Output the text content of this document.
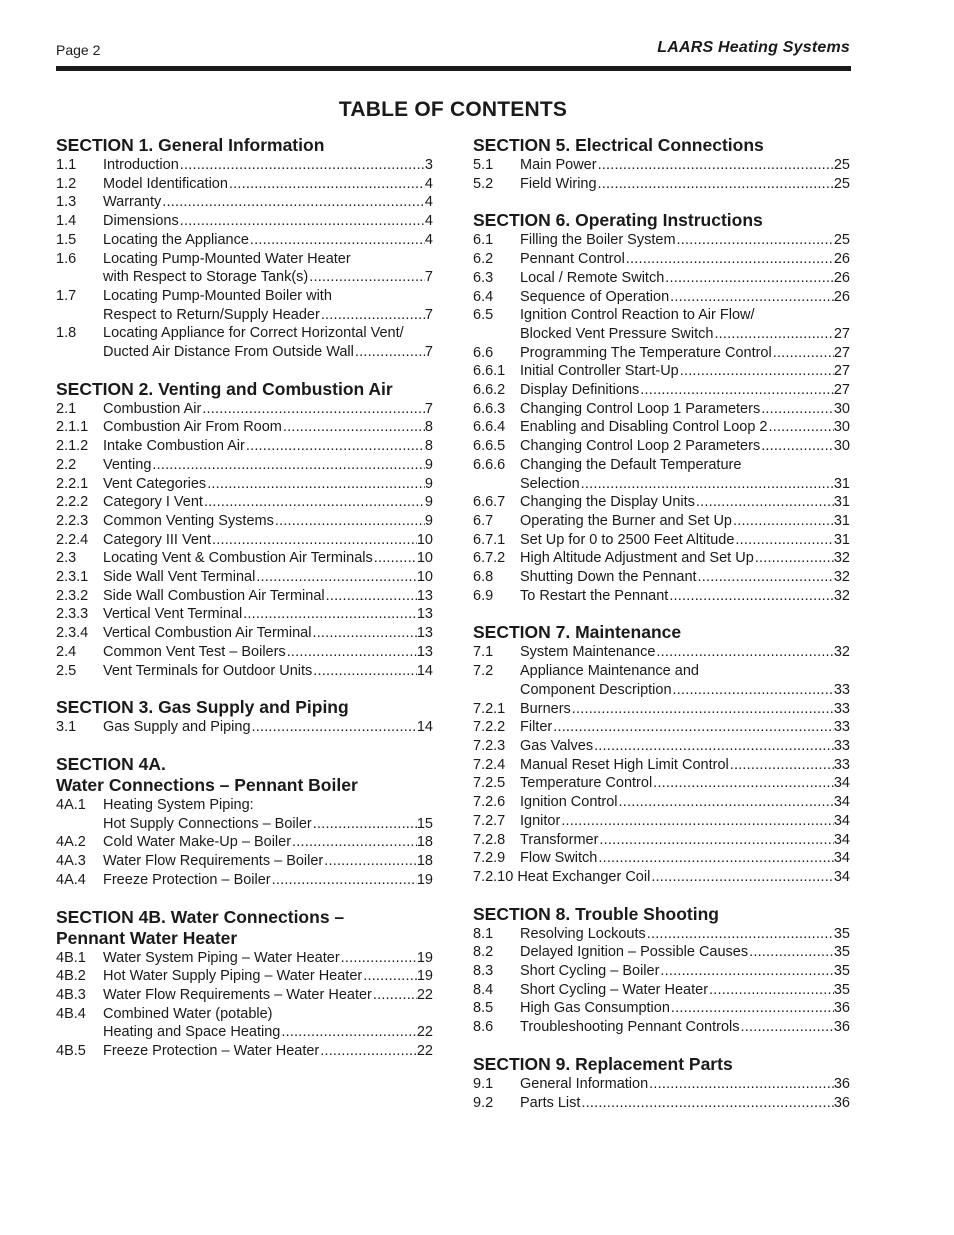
Page 2	LAARS Heating Systems
TABLE OF CONTENTS
SECTION 1. General Information
1.1	Introduction .....	3
1.2	Model Identification .....	4
1.3	Warranty .....	4
1.4	Dimensions .....	4
1.5	Locating the Appliance .....	4
1.6	Locating Pump-Mounted Water Heater
with Respect to Storage Tank(s) .....	7
1.7	Locating Pump-Mounted Boiler with
Respect to Return/Supply Header .....	7
1.8	Locating Appliance for Correct Horizontal Vent/
Ducted Air Distance From Outside Wall .....	7
SECTION 2. Venting and Combustion Air
2.1	Combustion Air .....	7
2.1.1	Combustion Air From Room .....	8
2.1.2	Intake Combustion Air .....	8
2.2	Venting .....	9
2.2.1	Vent Categories .....	9
2.2.2	Category I Vent .....	9
2.2.3	Common Venting Systems .....	9
2.2.4	Category III Vent .....	10
2.3	Locating Vent & Combustion Air Terminals .....	10
2.3.1	Side Wall Vent Terminal .....	10
2.3.2	Side Wall Combustion Air Terminal .....	13
2.3.3	Vertical Vent Terminal .....	13
2.3.4	Vertical Combustion Air Terminal .....	13
2.4	Common Vent Test – Boilers .....	13
2.5	Vent Terminals for Outdoor Units .....	14
SECTION 3. Gas Supply and Piping
3.1	Gas Supply and Piping .....	14
SECTION 4A.
Water Connections – Pennant Boiler
4A.1	Heating System Piping:
Hot Supply Connections – Boiler .....	15
4A.2	Cold Water Make-Up – Boiler .....	18
4A.3	Water Flow Requirements – Boiler .....	18
4A.4	Freeze Protection – Boiler .....	19
SECTION 4B. Water Connections –
Pennant Water Heater
4B.1	Water System Piping – Water Heater .....	19
4B.2	Hot Water Supply Piping – Water Heater .....	19
4B.3	Water Flow Requirements – Water Heater .....	22
4B.4	Combined Water (potable)
Heating and Space Heating .....	22
4B.5	Freeze Protection – Water Heater .....	22
SECTION 5. Electrical Connections
5.1	Main Power .....	25
5.2	Field Wiring .....	25
SECTION 6. Operating Instructions
6.1	Filling the Boiler System .....	25
6.2	Pennant Control .....	26
6.3	Local / Remote Switch .....	26
6.4	Sequence of Operation .....	26
6.5	Ignition Control Reaction to Air Flow/
Blocked Vent Pressure Switch .....	27
6.6	Programming The Temperature Control .....	27
6.6.1	Initial Controller Start-Up .....	27
6.6.2	Display Definitions .....	27
6.6.3	Changing Control Loop 1 Parameters .....	30
6.6.4	Enabling and Disabling Control Loop 2 .....	30
6.6.5	Changing Control Loop 2 Parameters .....	30
6.6.6	Changing the Default Temperature
Selection .....	31
6.6.7	Changing the Display Units .....	31
6.7	Operating the Burner and Set Up .....	31
6.7.1	Set Up for 0 to 2500 Feet Altitude .....	31
6.7.2	High Altitude Adjustment and Set Up .....	32
6.8	Shutting Down the Pennant .....	32
6.9	To Restart the Pennant .....	32
SECTION 7. Maintenance
7.1	System Maintenance .....	32
7.2	Appliance Maintenance and
Component Description .....	33
7.2.1	Burners .....	33
7.2.2	Filter .....	33
7.2.3	Gas Valves .....	33
7.2.4	Manual Reset High Limit Control .....	33
7.2.5	Temperature Control .....	34
7.2.6	Ignition Control .....	34
7.2.7	Ignitor .....	34
7.2.8	Transformer .....	34
7.2.9	Flow Switch .....	34
7.2.10 Heat Exchanger Coil .....	34
SECTION 8. Trouble Shooting
8.1	Resolving Lockouts .....	35
8.2	Delayed Ignition – Possible Causes .....	35
8.3	Short Cycling – Boiler .....	35
8.4	Short Cycling – Water Heater .....	35
8.5	High Gas Consumption .....	36
8.6	Troubleshooting Pennant Controls .....	36
SECTION 9. Replacement Parts
9.1	General Information .....	36
9.2	Parts List .....	36
